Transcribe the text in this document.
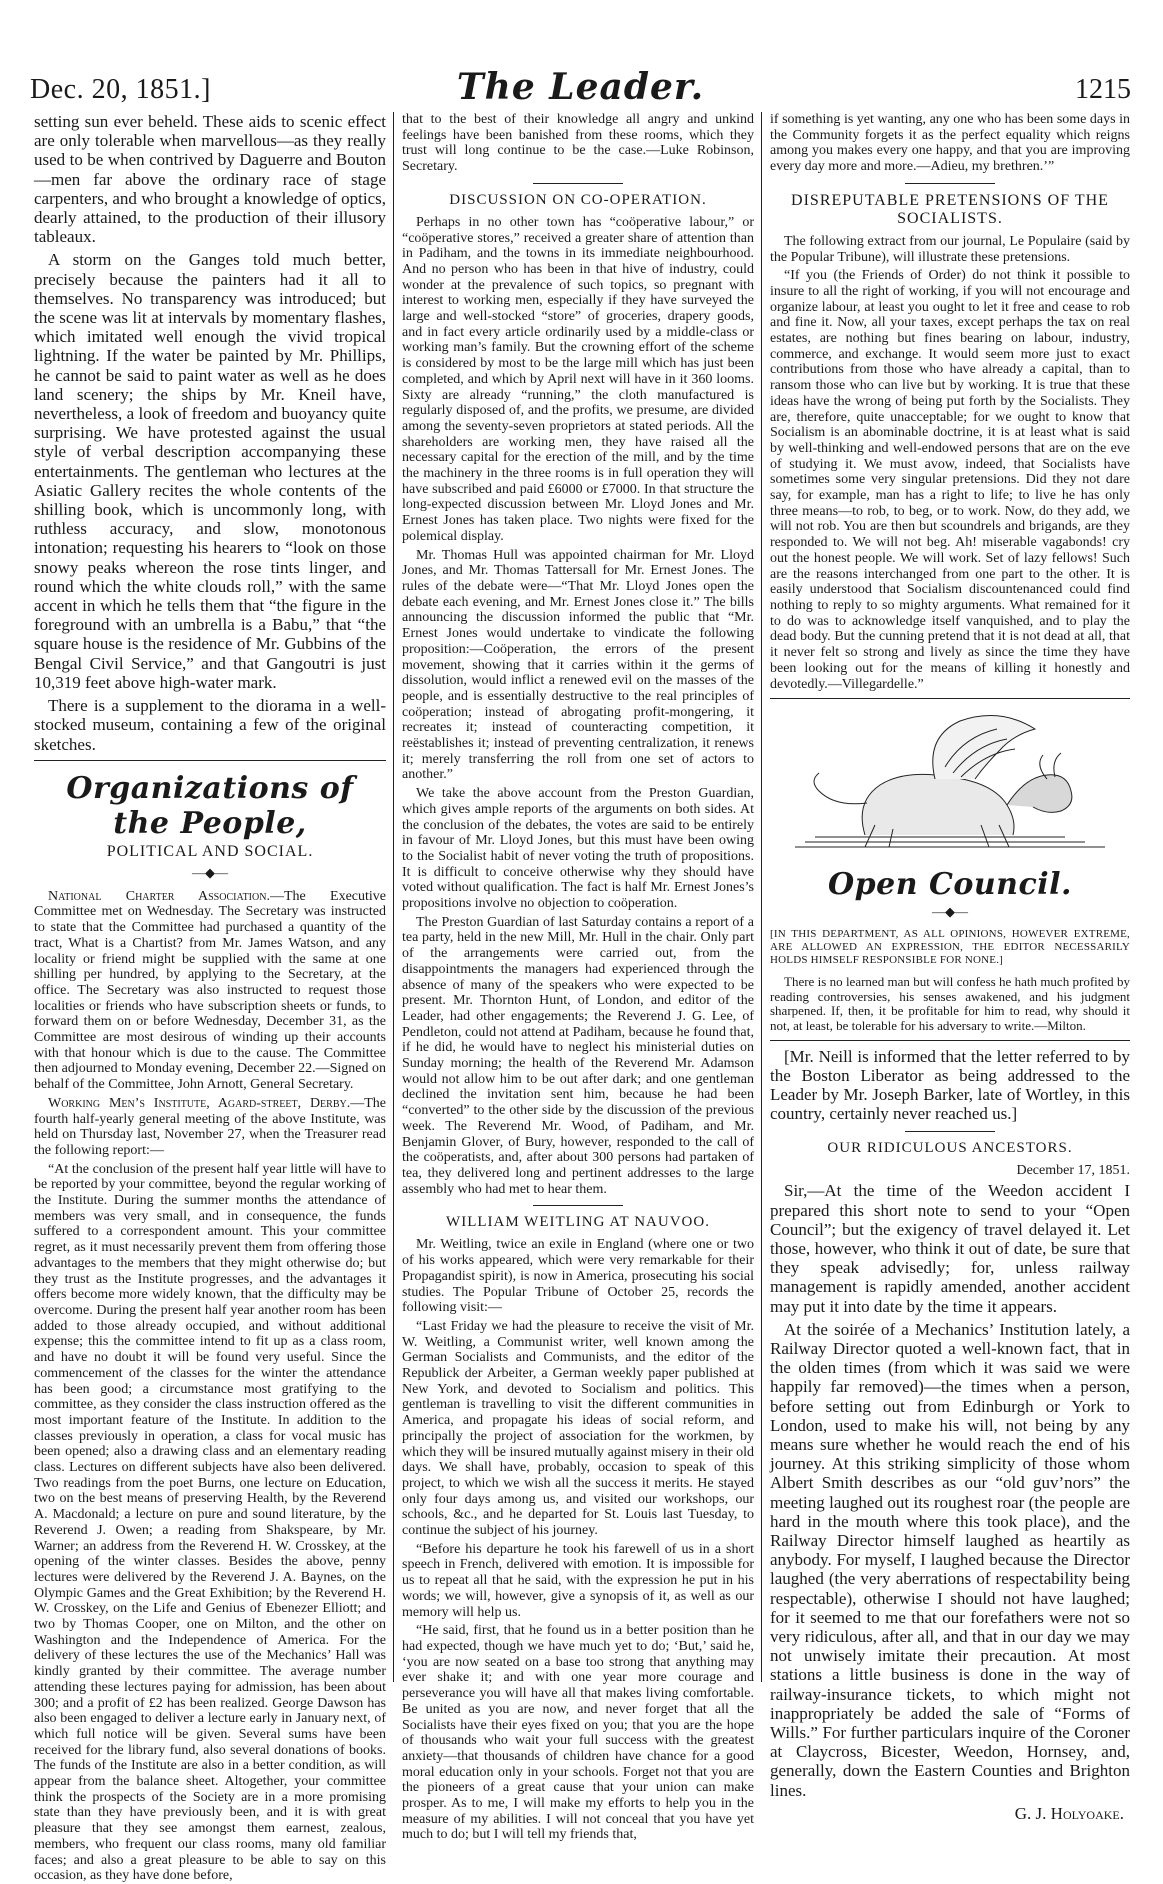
Dec. 20, 1851.]	The Leader.	1215

setting sun ever beheld. These aids to scenic effect are only tolerable when marvellous—as they really used to be when contrived by Daguerre and Bouton—men far above the ordinary race of stage carpenters, and who brought a knowledge of optics, dearly attained, to the production of their illusory tableaux.

A storm on the Ganges told much better, precisely because the painters had it all to themselves. No transparency was introduced; but the scene was lit at intervals by momentary flashes, which imitated well enough the vivid tropical lightning. If the water be painted by Mr. Phillips, he cannot be said to paint water as well as he does land scenery; the ships by Mr. Kneil have, nevertheless, a look of freedom and buoyancy quite surprising. We have protested against the usual style of verbal description accompanying these entertainments. The gentleman who lectures at the Asiatic Gallery recites the whole contents of the shilling book, which is uncommonly long, with ruthless accuracy, and slow, monotonous intonation; requesting his hearers to “look on those snowy peaks whereon the rose tints linger, and round which the white clouds roll,” with the same accent in which he tells them that “the figure in the foreground with an umbrella is a Babu,” that “the square house is the residence of Mr. Gubbins of the Bengal Civil Service,” and that Gangoutri is just 10,319 feet above high-water mark.

There is a supplement to the diorama in a well-stocked museum, containing a few of the original sketches.

Organizations of the People,
POLITICAL AND SOCIAL.
—◆—

National Charter Association.—The Executive Committee met on Wednesday. The Secretary was instructed to state that the Committee had purchased a quantity of the tract, What is a Chartist? from Mr. James Watson, and any locality or friend might be supplied with the same at one shilling per hundred, by applying to the Secretary, at the office. The Secretary was also instructed to request those localities or friends who have subscription sheets or funds, to forward them on or before Wednesday, December 31, as the Committee are most desirous of winding up their accounts with that honour which is due to the cause. The Committee then adjourned to Monday evening, December 22.—Signed on behalf of the Committee, John Arnott, General Secretary.

Working Men’s Institute, Agard-street, Derby.—The fourth half-yearly general meeting of the above Institute, was held on Thursday last, November 27, when the Treasurer read the following report:—

“At the conclusion of the present half year little will have to be reported by your committee, beyond the regular working of the Institute. During the summer months the attendance of members was very small, and in consequence, the funds suffered to a correspondent amount. This your committee regret, as it must necessarily prevent them from offering those advantages to the members that they might otherwise do; but they trust as the Institute progresses, and the advantages it offers become more widely known, that the difficulty may be overcome. During the present half year another room has been added to those already occupied, and without additional expense; this the committee intend to fit up as a class room, and have no doubt it will be found very useful. Since the commencement of the classes for the winter the attendance has been good; a circumstance most gratifying to the committee, as they consider the class instruction offered as the most important feature of the Institute. In addition to the classes previously in operation, a class for vocal music has been opened; also a drawing class and an elementary reading class. Lectures on different subjects have also been delivered. Two readings from the poet Burns, one lecture on Education, two on the best means of preserving Health, by the Reverend A. Macdonald; a lecture on pure and sound literature, by the Reverend J. Owen; a reading from Shakspeare, by Mr. Warner; an address from the Reverend H. W. Crosskey, at the opening of the winter classes. Besides the above, penny lectures were delivered by the Reverend J. A. Baynes, on the Olympic Games and the Great Exhibition; by the Reverend H. W. Crosskey, on the Life and Genius of Ebenezer Elliott; and two by Thomas Cooper, one on Milton, and the other on Washington and the Independence of America. For the delivery of these lectures the use of the Mechanics’ Hall was kindly granted by their committee. The average number attending these lectures paying for admission, has been about 300; and a profit of £2 has been realized. George Dawson has also been engaged to deliver a lecture early in January next, of which full notice will be given. Several sums have been received for the library fund, also several donations of books. The funds of the Institute are also in a better condition, as will appear from the balance sheet. Altogether, your committee think the prospects of the Society are in a more promising state than they have previously been, and it is with great pleasure that they see amongst them earnest, zealous, members, who frequent our class rooms, many old familiar faces; and also a great pleasure to be able to say on this occasion, as they have done before,

that to the best of their knowledge all angry and unkind feelings have been banished from these rooms, which they trust will long continue to be the case.—Luke Robinson, Secretary.

DISCUSSION ON CO-OPERATION.

Perhaps in no other town has “coöperative labour,” or “coöperative stores,” received a greater share of attention than in Padiham, and the towns in its immediate neighbourhood. And no person who has been in that hive of industry, could wonder at the prevalence of such topics, so pregnant with interest to working men, especially if they have surveyed the large and well-stocked “store” of groceries, drapery goods, and in fact every article ordinarily used by a middle-class or working man’s family. But the crowning effort of the scheme is considered by most to be the large mill which has just been completed, and which by April next will have in it 360 looms. Sixty are already “running,” the cloth manufactured is regularly disposed of, and the profits, we presume, are divided among the seventy-seven proprietors at stated periods. All the shareholders are working men, they have raised all the necessary capital for the erection of the mill, and by the time the machinery in the three rooms is in full operation they will have subscribed and paid £6000 or £7000. In that structure the long-expected discussion between Mr. Lloyd Jones and Mr. Ernest Jones has taken place. Two nights were fixed for the polemical display.

Mr. Thomas Hull was appointed chairman for Mr. Lloyd Jones, and Mr. Thomas Tattersall for Mr. Ernest Jones. The rules of the debate were—“That Mr. Lloyd Jones open the debate each evening, and Mr. Ernest Jones close it.” The bills announcing the discussion informed the public that “Mr. Ernest Jones would undertake to vindicate the following proposition:—Coöperation, the errors of the present movement, showing that it carries within it the germs of dissolution, would inflict a renewed evil on the masses of the people, and is essentially destructive to the real principles of coöperation; instead of abrogating profit-mongering, it recreates it; instead of counteracting competition, it reëstablishes it; instead of preventing centralization, it renews it; merely transferring the roll from one set of actors to another.”

We take the above account from the Preston Guardian, which gives ample reports of the arguments on both sides. At the conclusion of the debates, the votes are said to be entirely in favour of Mr. Lloyd Jones, but this must have been owing to the Socialist habit of never voting the truth of propositions. It is difficult to conceive otherwise why they should have voted without qualification. The fact is half Mr. Ernest Jones’s propositions involve no objection to coöperation.

The Preston Guardian of last Saturday contains a report of a tea party, held in the new Mill, Mr. Hull in the chair. Only part of the arrangements were carried out, from the disappointments the managers had experienced through the absence of many of the speakers who were expected to be present. Mr. Thornton Hunt, of London, and editor of the Leader, had other engagements; the Reverend J. G. Lee, of Pendleton, could not attend at Padiham, because he found that, if he did, he would have to neglect his ministerial duties on Sunday morning; the health of the Reverend Mr. Adamson would not allow him to be out after dark; and one gentleman declined the invitation sent him, because he had been “converted” to the other side by the discussion of the previous week. The Reverend Mr. Wood, of Padiham, and Mr. Benjamin Glover, of Bury, however, responded to the call of the coöperatists, and, after about 300 persons had partaken of tea, they delivered long and pertinent addresses to the large assembly who had met to hear them.

WILLIAM WEITLING AT NAUVOO.

Mr. Weitling, twice an exile in England (where one or two of his works appeared, which were very remarkable for their Propagandist spirit), is now in America, prosecuting his social studies. The Popular Tribune of October 25, records the following visit:—

“Last Friday we had the pleasure to receive the visit of Mr. W. Weitling, a Communist writer, well known among the German Socialists and Communists, and the editor of the Republick der Arbeiter, a German weekly paper published at New York, and devoted to Socialism and politics. This gentleman is travelling to visit the different communities in America, and propagate his ideas of social reform, and principally the project of association for the workmen, by which they will be insured mutually against misery in their old days. We shall have, probably, occasion to speak of this project, to which we wish all the success it merits. He stayed only four days among us, and visited our workshops, our schools, &c., and he departed for St. Louis last Tuesday, to continue the subject of his journey.

“Before his departure he took his farewell of us in a short speech in French, delivered with emotion. It is impossible for us to repeat all that he said, with the expression he put in his words; we will, however, give a synopsis of it, as well as our memory will help us.

“He said, first, that he found us in a better position than he had expected, though we have much yet to do; ‘But,’ said he, ‘you are now seated on a base too strong that anything may ever shake it; and with one year more courage and perseverance you will have all that makes living comfortable. Be united as you are now, and never forget that all the Socialists have their eyes fixed on you; that you are the hope of thousands who wait your full success with the greatest anxiety—that thousands of children have chance for a good moral education only in your schools. Forget not that you are the pioneers of a great cause that your union can make prosper. As to me, I will make my efforts to help you in the measure of my abilities. I will not conceal that you have yet much to do; but I will tell my friends that,

if something is yet wanting, any one who has been some days in the Community forgets it as the perfect equality which reigns among you makes every one happy, and that you are improving every day more and more.—Adieu, my brethren.’”

DISREPUTABLE PRETENSIONS OF THE SOCIALISTS.

The following extract from our journal, Le Populaire (said by the Popular Tribune), will illustrate these pretensions.

“If you (the Friends of Order) do not think it possible to insure to all the right of working, if you will not encourage and organize labour, at least you ought to let it free and cease to rob and fine it. Now, all your taxes, except perhaps the tax on real estates, are nothing but fines bearing on labour, industry, commerce, and exchange. It would seem more just to exact contributions from those who have already a capital, than to ransom those who can live but by working. It is true that these ideas have the wrong of being put forth by the Socialists. They are, therefore, quite unacceptable; for we ought to know that Socialism is an abominable doctrine, it is at least what is said by well-thinking and well-endowed persons that are on the eve of studying it. We must avow, indeed, that Socialists have sometimes some very singular pretensions. Did they not dare say, for example, man has a right to life; to live he has only three means—to rob, to beg, or to work. Now, do they add, we will not rob. You are then but scoundrels and brigands, are they responded to. We will not beg. Ah! miserable vagabonds! cry out the honest people. We will work. Set of lazy fellows! Such are the reasons interchanged from one part to the other. It is easily understood that Socialism discountenanced could find nothing to reply to so mighty arguments. What remained for it to do was to acknowledge itself vanquished, and to play the dead body. But the cunning pretend that it is not dead at all, that it never felt so strong and lively as since the time they have been looking out for the means of killing it honestly and devotedly.—Villegardelle.”

Open Council.
—◆—
[IN THIS DEPARTMENT, AS ALL OPINIONS, HOWEVER EXTREME, ARE ALLOWED AN EXPRESSION, THE EDITOR NECESSARILY HOLDS HIMSELF RESPONSIBLE FOR NONE.]

There is no learned man but will confess he hath much profited by reading controversies, his senses awakened, and his judgment sharpened. If, then, it be profitable for him to read, why should it not, at least, be tolerable for his adversary to write.—Milton.

[Mr. Neill is informed that the letter referred to by the Boston Liberator as being addressed to the Leader by Mr. Joseph Barker, late of Wortley, in this country, certainly never reached us.]

OUR RIDICULOUS ANCESTORS.
December 17, 1851.

Sir,—At the time of the Weedon accident I prepared this short note to send to your “Open Council”; but the exigency of travel delayed it. Let those, however, who think it out of date, be sure that they speak advisedly; for, unless railway management is rapidly amended, another accident may put it into date by the time it appears.

At the soirée of a Mechanics’ Institution lately, a Railway Director quoted a well-known fact, that in the olden times (from which it was said we were happily far removed)—the times when a person, before setting out from Edinburgh or York to London, used to make his will, not being by any means sure whether he would reach the end of his journey. At this striking simplicity of those whom Albert Smith describes as our “old guv’nors” the meeting laughed out its roughest roar (the people are hard in the mouth where this took place), and the Railway Director himself laughed as heartily as anybody. For myself, I laughed because the Director laughed (the very aberrations of respectability being respectable), otherwise I should not have laughed; for it seemed to me that our forefathers were not so very ridiculous, after all, and that in our day we may not unwisely imitate their precaution. At most stations a little business is done in the way of railway-insurance tickets, to which might not inappropriately be added the sale of “Forms of Wills.” For further particulars inquire of the Coroner at Claycross, Bicester, Weedon, Hornsey, and, generally, down the Eastern Counties and Brighton lines.

G. J. Holyoake.
